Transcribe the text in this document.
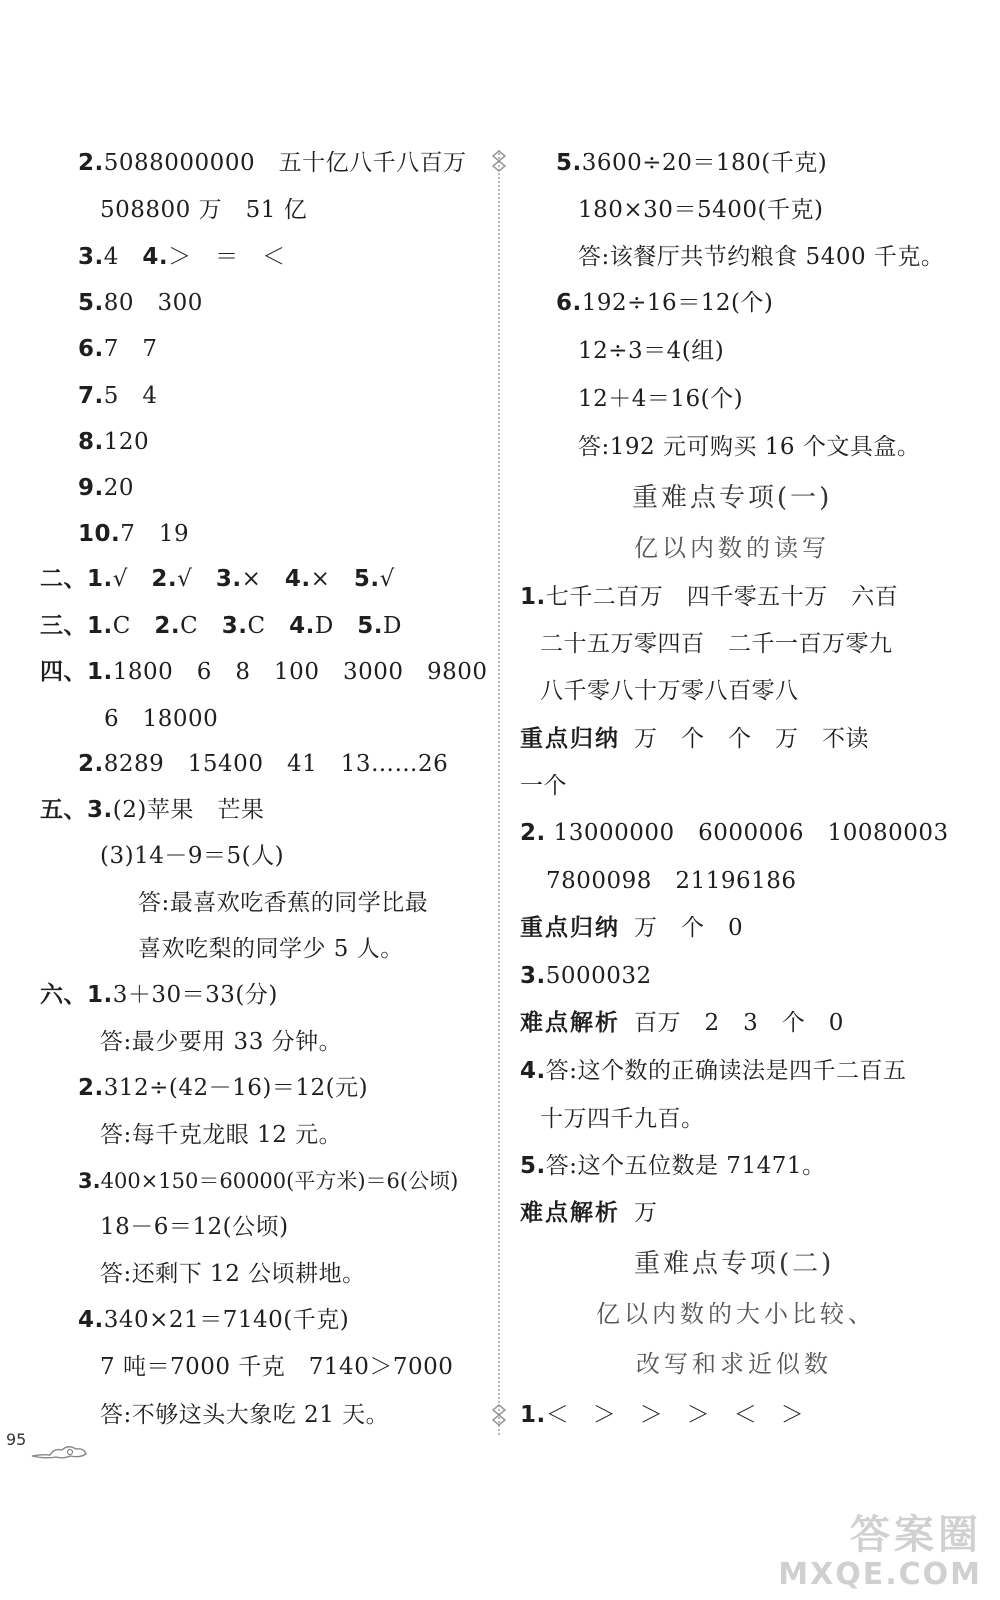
2.5088000000　五十亿八千八百万
508800 万　51 亿
3.4　4.＞　＝　＜
5.80　300
6.7　7
7.5　4
8.120
9.20
10.7　19
二、1.√　2.√　3.×　4.×　5.√
三、1.C　2.C　3.C　4.D　5.D
四、1.1800　6　8　100　3000　9800
6　18000
2.8289　15400　41　13……26
五、3.(2)苹果　芒果
(3)14－9＝5(人)
答:最喜欢吃香蕉的同学比最
喜欢吃梨的同学少 5 人。
六、1.3＋30＝33(分)
答:最少要用 33 分钟。
2.312÷(42－16)＝12(元)
答:每千克龙眼 12 元。
3.400×150＝60000(平方米)＝6(公顷)
18－6＝12(公顷)
答:还剩下 12 公顷耕地。
4.340×21＝7140(千克)
7 吨＝7000 千克　7140＞7000
答:不够这头大象吃 21 天。
5.3600÷20＝180(千克)
180×30＝5400(千克)
答:该餐厅共节约粮食 5400 千克。
6.192÷16＝12(个)
12÷3＝4(组)
12＋4＝16(个)
答:192 元可购买 16 个文具盒。
重难点专项(一)
亿以内数的读写
1.七千二百万　四千零五十万　六百
二十五万零四百　二千一百万零九
八千零八十万零八百零八
重点归纳 万　个　个　万　不读
一个
2. 13000000　6000006　10080003
7800098　21196186
重点归纳 万　个　0
3.5000032
难点解析 百万　2　3　个　0
4.答:这个数的正确读法是四千二百五
十万四千九百。
5.答:这个五位数是 71471。
难点解析 万
重难点专项(二)
亿以内数的大小比较、
改写和求近似数
1.＜　＞　＞　＞　＜　＞
95
答案圈
MXQE.COM
